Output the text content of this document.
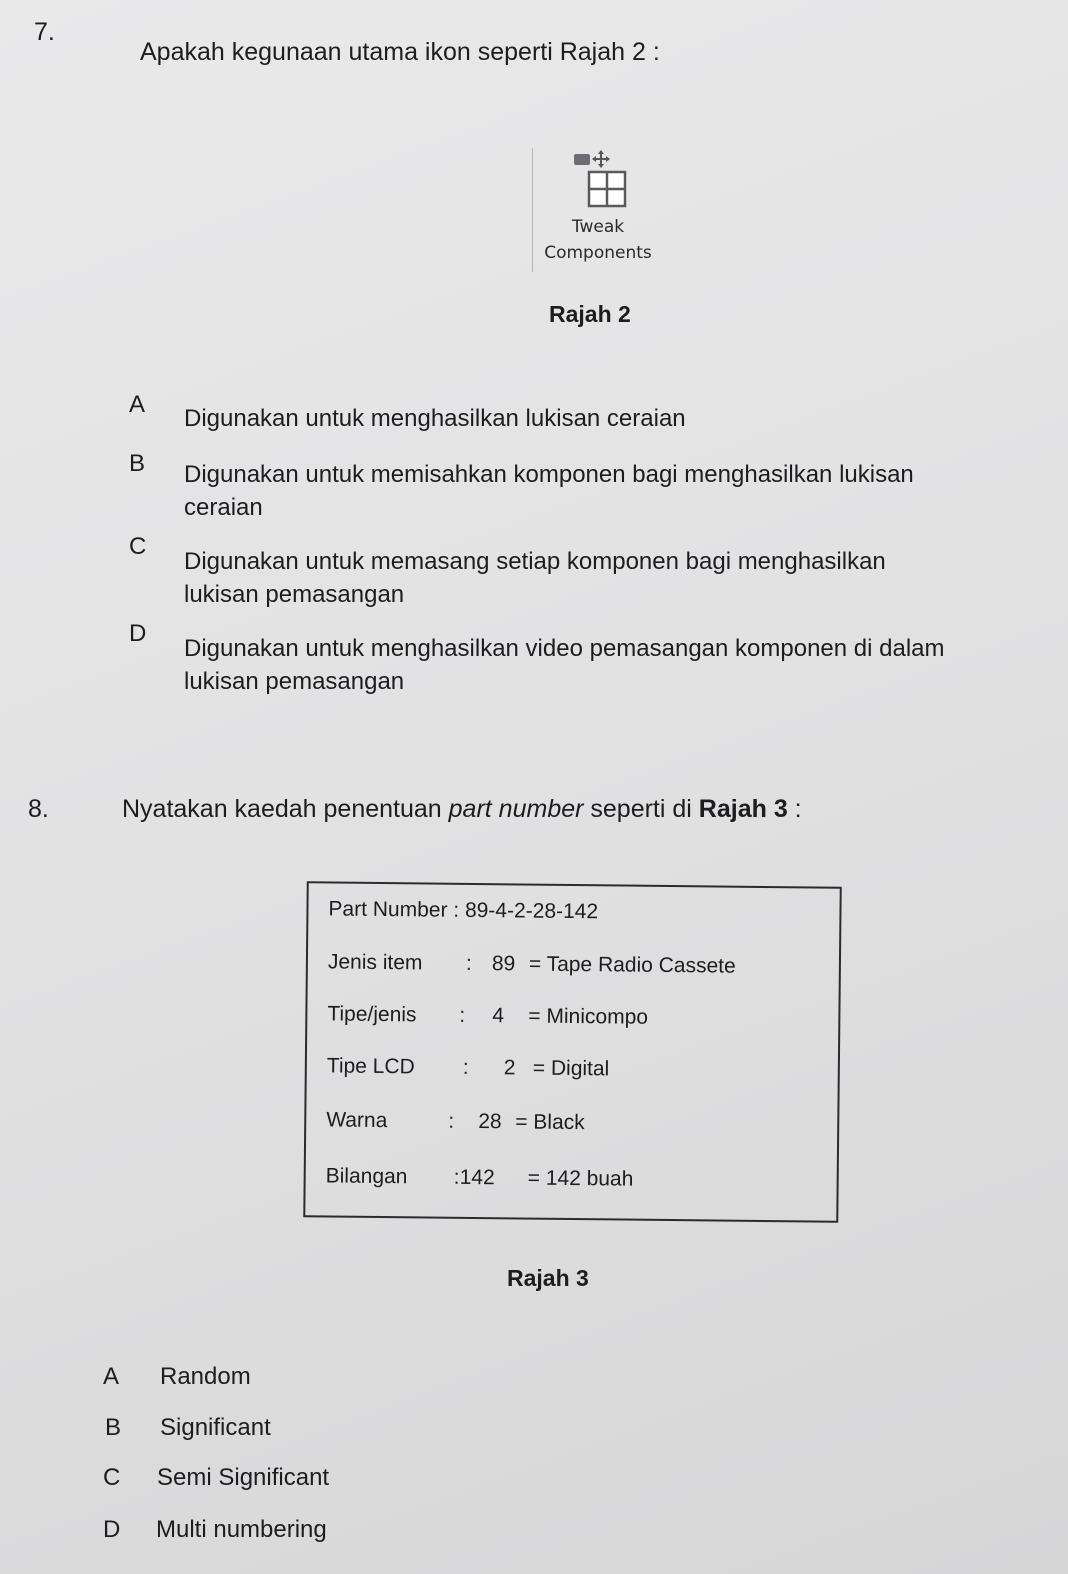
7.
Apakah kegunaan utama ikon seperti Rajah 2 :
Tweak
Components
Rajah 2
A
Digunakan untuk menghasilkan lukisan ceraian
B Digunakan untuk memisahkan komponen bagi menghasilkan lukisan
ceraian
C
Digunakan untuk memasang setiap komponen bagi menghasilkan
lukisan pemasangan
D
Digunakan untuk menghasilkan video pemasangan komponen di dalam
lukisan pemasangan
8.	Nyatakan kaedah penentuan part number seperti di Rajah 3 :
Part Number : 89-4-2-28-142
Jenis item : 89 = Tape Radio Cassete
Tipe/jenis : 4 = Minicompo
Tipe LCD : 2 = Digital
Warna	: 28 = Black
Bilangan : 142 = 142 buah
Rajah 3
A Random
B Significant
C Semi Significant
D Multi numbering
